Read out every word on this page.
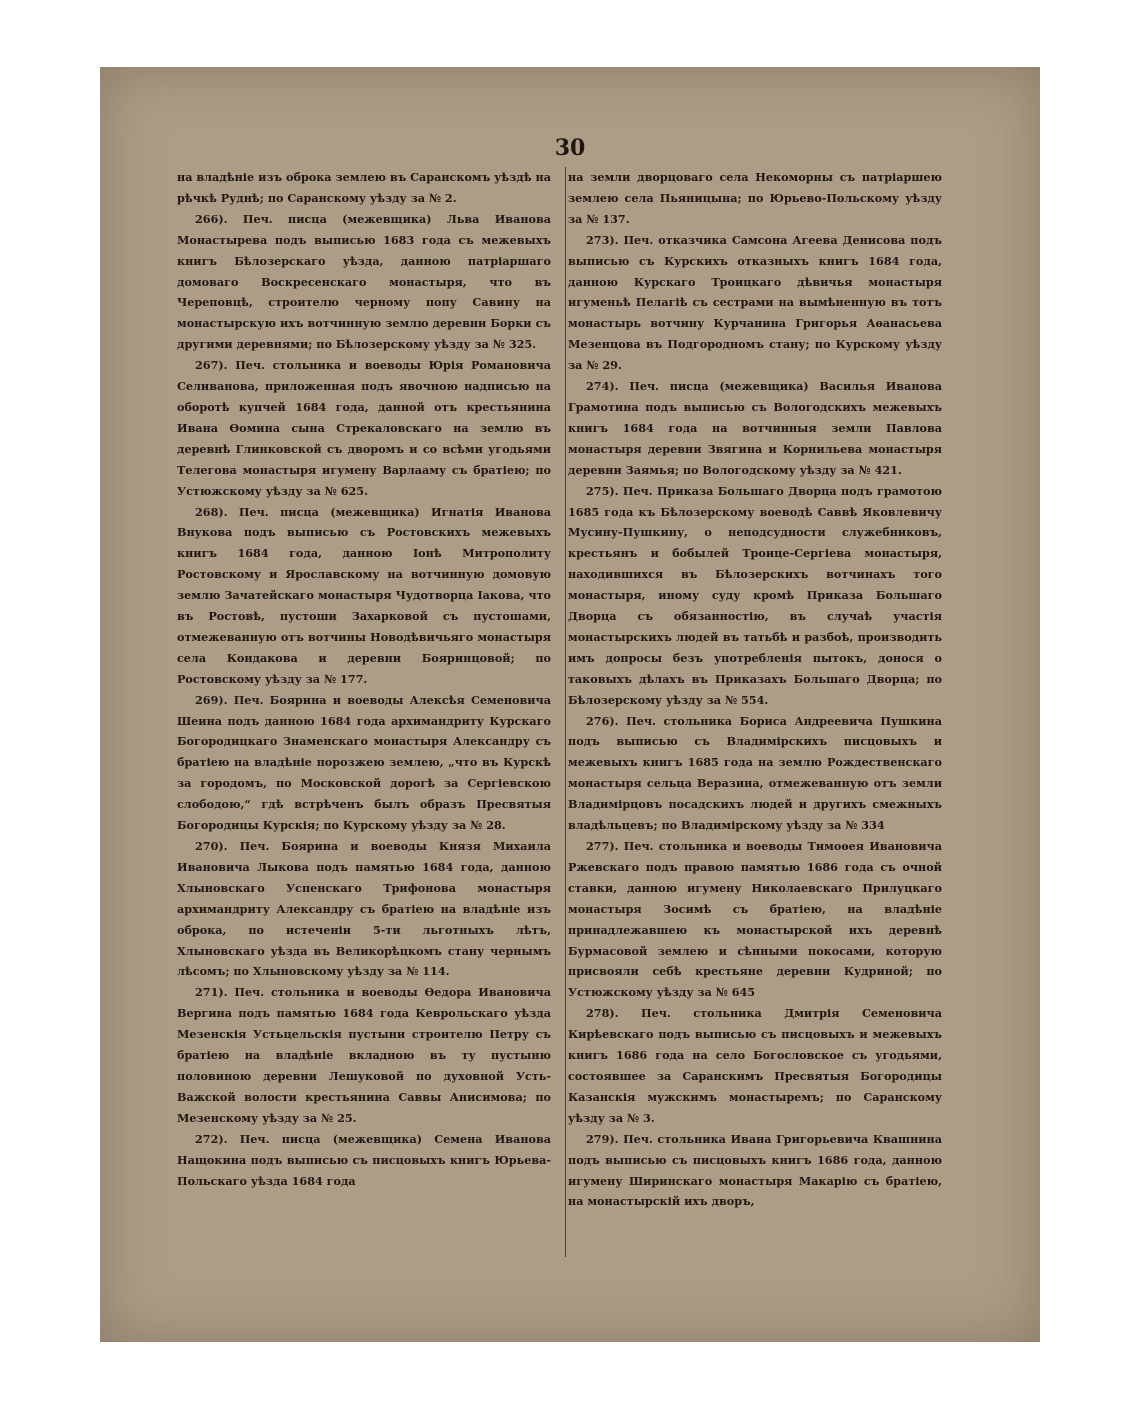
30

на владѣніе изъ оброка землею въ Саранскомъ уѣздѣ на рѣчкѣ Руднѣ; по Саранскому уѣзду за № 2.

266). Печ. писца (межевщика) Льва Иванова Монастырева подъ выписью 1683 года съ межевыхъ книгъ Бѣлозерскаго уѣзда, данною патріаршаго домоваго Воскресенскаго монастыря, что въ Череповцѣ, строителю черному попу Савину на монастырскую ихъ вотчинную землю деревни Борки съ другими деревнями; по Бѣлозерскому уѣзду за № 325.

267). Печ. стольника и воеводы Юрія Романовича Селиванова, приложенная подъ явочною надписью на оборотѣ купчей 1684 года, данной отъ крестьянина Ивана Ѳомина сына Стрекаловскаго на землю въ деревнѣ Глинковской съ дворомъ и со всѣми угодьями Телегова монастыря игумену Варлааму съ братіею; по Устюжскому уѣзду за № 625.

268). Печ. писца (межевщика) Игнатія Иванова Внукова подъ выписью съ Ростовскихъ межевыхъ книгъ 1684 года, данною Іонѣ Митрополиту Ростовскому и Ярославскому на вотчинную домовую землю Зачатейскаго монастыря Чудотворца Іакова, что въ Ростовѣ, пустоши Захарковой съ пустошами, отмежеванную отъ вотчины Новодѣвичьяго монастыря села Кондакова и деревни Бояринцовой; по Ростовскому уѣзду за № 177.

269). Печ. Боярина и воеводы Алексѣя Семеновича Шеина подъ данною 1684 года архимандриту Курскаго Богородицкаго Знаменскаго монастыря Александру съ братіею на владѣніе порозжею землею, „что въ Курскѣ за городомъ, по Московской дорогѣ за Сергіевскою слободою,“ гдѣ встрѣченъ былъ образъ Пресвятыя Богородицы Курскія; по Курскому уѣзду за № 28.

270). Печ. Боярина и воеводы Князя Михаила Ивановича Лыкова подъ памятью 1684 года, данною Хлыновскаго Успенскаго Трифонова монастыря архимандриту Александру съ братіею на владѣніе изъ оброка, по истеченіи 5-ти льготныхъ лѣтъ, Хлыновскаго уѣзда въ Великорѣцкомъ стану чернымъ лѣсомъ; по Хлыновскому уѣзду за № 114.

271). Печ. стольника и воеводы Ѳедора Ивановича Вергина подъ памятью 1684 года Кеврольскаго уѣзда Мезенскія Устьцельскія пустыни строителю Петру съ братіею на владѣніе вкладною въ ту пустыню половиною деревни Лешуковой по духовной Усть-Важской волости крестьянина Саввы Анисимова; по Мезенскому уѣзду за № 25.

272). Печ. писца (межевщика) Семена Иванова Нащокина подъ выписью съ писцовыхъ книгъ Юрьева-Польскаго уѣзда 1684 года

на земли дворцоваго села Некоморны съ патріаршею землею села Пьяницына; по Юрьево-Польскому уѣзду за № 137.

273). Печ. отказчика Самсона Агеева Денисова подъ выписью съ Курскихъ отказныхъ книгъ 1684 года, данною Курскаго Троицкаго дѣвичья монастыря игуменьѣ Пелагіѣ съ сестрами на вымѣненную въ тотъ монастырь вотчину Курчанина Григорья Аѳанасьева Мезенцова въ Подгородномъ стану; по Курскому уѣзду за № 29.

274). Печ. писца (межевщика) Василья Иванова Грамотина подъ выписью съ Вологодскихъ межевыхъ книгъ 1684 года на вотчинныя земли Павлова монастыря деревни Звягина и Корнильева монастыря деревни Заямья; по Вологодскому уѣзду за № 421.

275). Печ. Приказа Большаго Дворца подъ грамотою 1685 года къ Бѣлозерскому воеводѣ Саввѣ Яковлевичу Мусину-Пушкину, о неподсудности служебниковъ, крестьянъ и бобылей Троице-Сергіева монастыря, находившихся въ Бѣлозерскихъ вотчинахъ того монастыря, иному суду кромѣ Приказа Большаго Дворца съ обязанностію, въ случаѣ участія монастырскихъ людей въ татьбѣ и разбоѣ, производить имъ допросы безъ употребленія пытокъ, донося о таковыхъ дѣлахъ въ Приказахъ Большаго Дворца; по Бѣлозерскому уѣзду за № 554.

276). Печ. стольника Бориса Андреевича Пушкина подъ выписью съ Владимірскихъ писцовыхъ и межевыхъ книгъ 1685 года на землю Рождественскаго монастыря сельца Веразина, отмежеванную отъ земли Владимірцовъ посадскихъ людей и другихъ смежныхъ владѣльцевъ; по Владимірскому уѣзду за № 334

277). Печ. стольника и воеводы Тимоѳея Ивановича Ржевскаго подъ правою памятью 1686 года съ очной ставки, данною игумену Николаевскаго Прилуцкаго монастыря Зосимѣ съ братіею, на владѣніе принадлежавшею къ монастырской ихъ деревнѣ Бурмасовой землею и сѣнными покосами, которую присвояли себѣ крестьяне деревни Кудриной; по Устюжскому уѣзду за № 645

278). Печ. стольника Дмитрія Семеновича Кирѣевскаго подъ выписью съ писцовыхъ и межевыхъ книгъ 1686 года на село Богословское съ угодьями, состоявшее за Саранскимъ Пресвятыя Богородицы Казанскія мужскимъ монастыремъ; по Саранскому уѣзду за № 3.

279). Печ. стольника Ивана Григорьевича Квашнина подъ выписью съ писцовыхъ книгъ 1686 года, данною игумену Ширинскаго монастыря Макарію съ братіею, на монастырскій ихъ дворъ,
